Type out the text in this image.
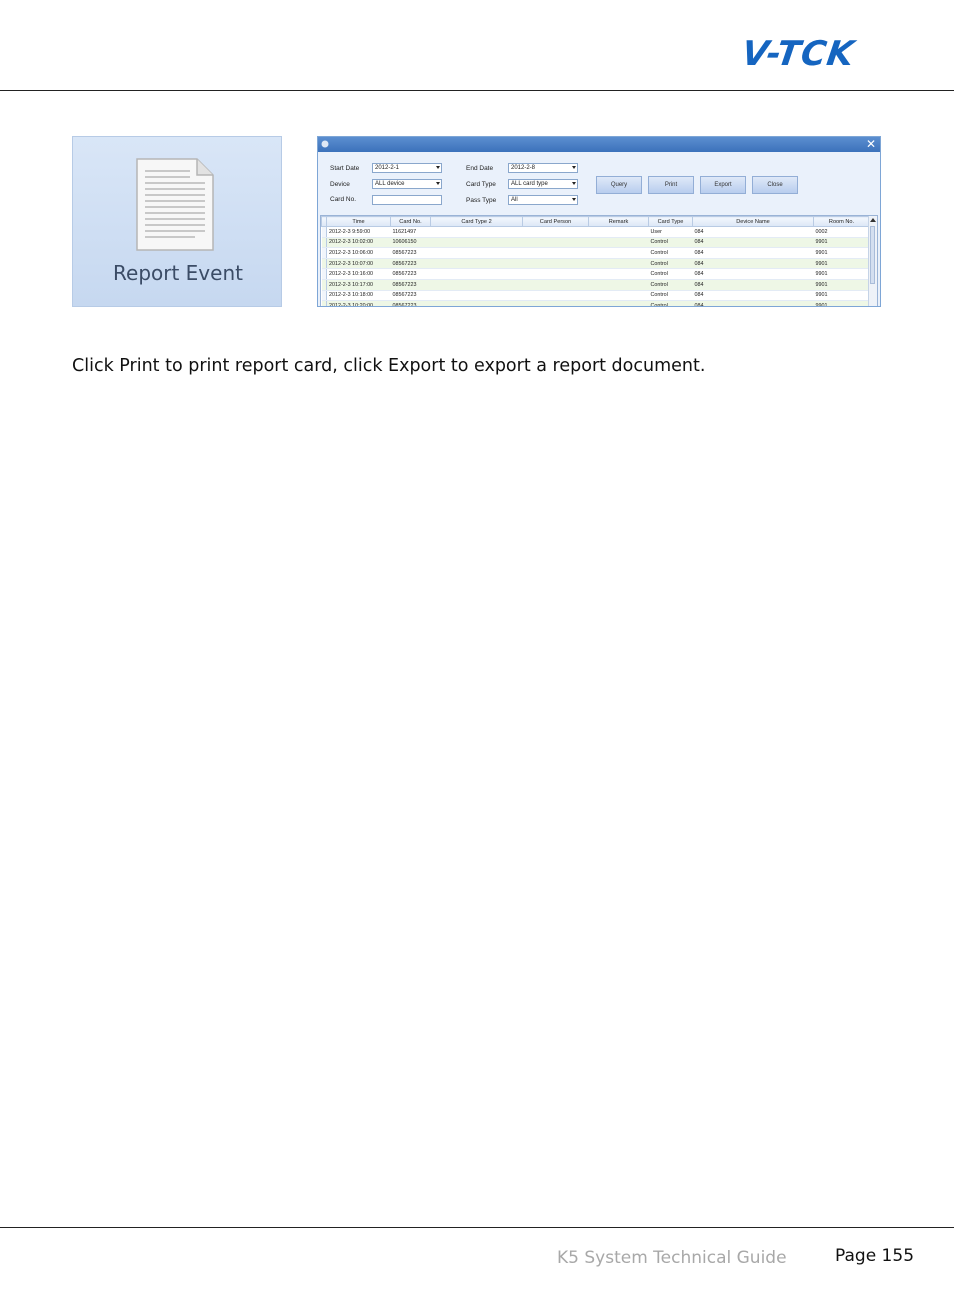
V-TCK
Report Event
✕
Start Date	2012-2-1	End Date	2012-2-8
Device	ALL device	Card Type	ALL card type
Card No.	Pass Type	All
Query	Print	Export	Close
	Time	Card No.	Card Type 2	Card Person	Remark	Card Type	Device Name	Room No.
	2012-2-3 9:59:00	11621497				User	084	0002
	2012-2-3 10:02:00	10606150				Control	084	9901
	2012-2-3 10:06:00	08567223				Control	084	9901
	2012-2-3 10:07:00	08567223				Control	084	9901
	2012-2-3 10:16:00	08567223				Control	084	9901
	2012-2-3 10:17:00	08567223				Control	084	9901
	2012-2-3 10:18:00	08567223				Control	084	9901
	2012-2-3 10:20:00	08567223				Control	084	9901
Click Print to print report card, click Export to export a report document.
K5 System Technical Guide	Page 155
